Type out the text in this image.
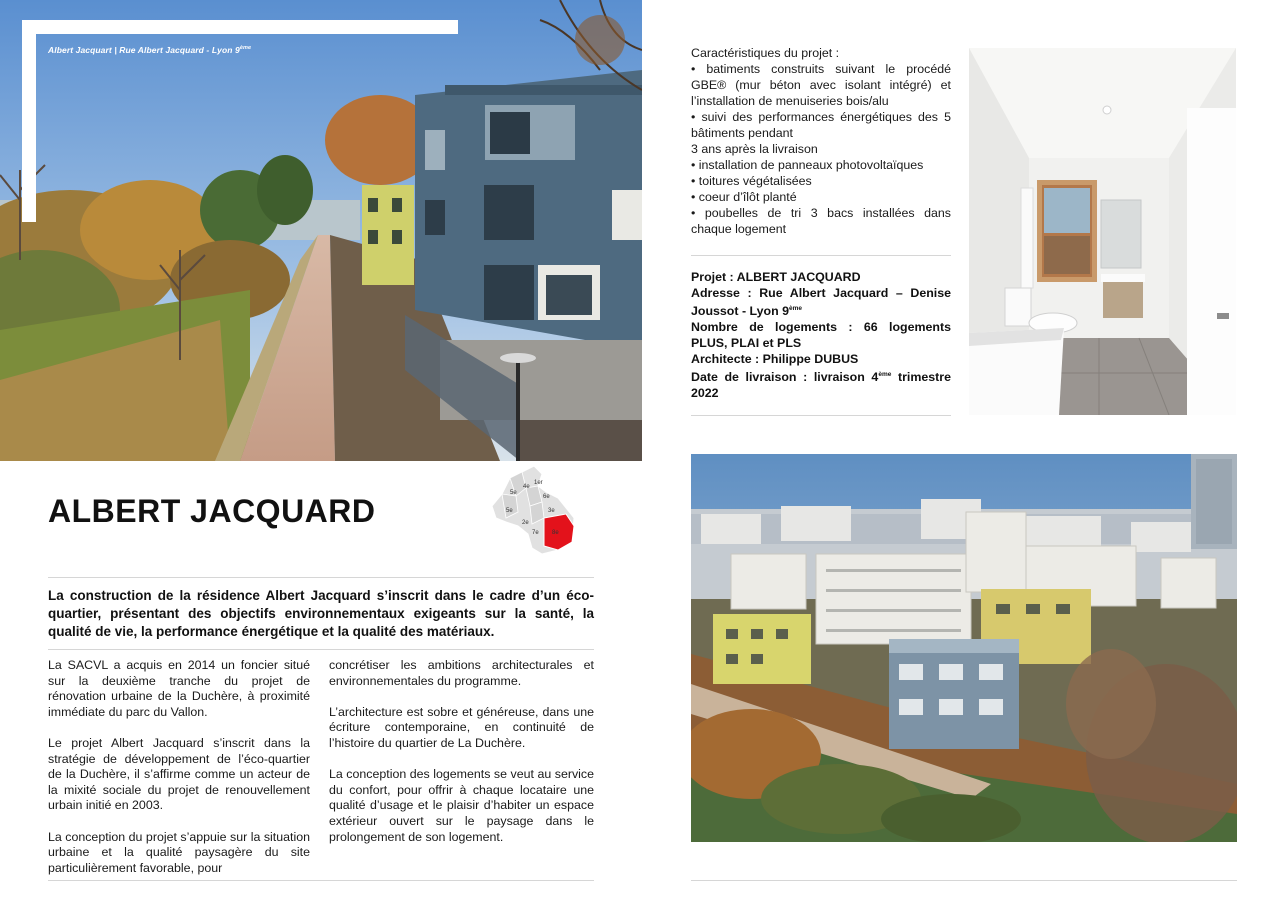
Albert Jacquart | Rue Albert Jacquard - Lyon 9ème
ALBERT JACQUARD	5e
4e
1er
6e
5e	3e
2e
7e 8e
La construction de la résidence Albert Jacquard s’inscrit dans le cadre d’un éco-quartier, présentant des objectifs environnementaux exigeants sur la santé, la qualité de vie, la performance énergétique et la qualité des matériaux.

La SACVL a acquis en 2014 un foncier situé sur la deuxième tranche du projet de rénovation urbaine de la Duchère, à proximité immédiate du parc du Vallon.

Le projet Albert Jacquard s’inscrit dans la stratégie de développement de l’éco-quartier de la Duchère, il s’affirme comme un acteur de la mixité sociale du projet de renouvellement urbain initié en 2003.

La conception du projet s’appuie sur la situation urbaine et la qualité paysagère du site particulièrement favorable, pour

concrétiser les ambitions architecturales et environnementales du programme.

L’architecture est sobre et généreuse, dans une écriture contemporaine, en continuité de l’histoire du quartier de La Duchère.

La conception des logements se veut au service du confort, pour offrir à chaque locataire une qualité d’usage et le plaisir d’habiter un espace extérieur ouvert sur le paysage dans le prolongement de son logement.

Caractéristiques du projet :
• batiments construits suivant le procédé GBE® (mur béton avec isolant intégré) et l’installation de menuiseries bois/alu
• suivi des performances énergétiques des 5 bâtiments pendant
3 ans après la livraison
• installation de panneaux photovoltaïques
• toitures végétalisées
• coeur d’îlôt planté
• poubelles de tri 3 bacs installées dans chaque logement
Projet : ALBERT JACQUARD
Adresse : Rue Albert Jacquard – Denise Joussot - Lyon 9ème
Nombre de logements : 66 logements PLUS, PLAI et PLS
Architecte : Philippe DUBUS
Date de livraison : livraison 4ème trimestre 2022
